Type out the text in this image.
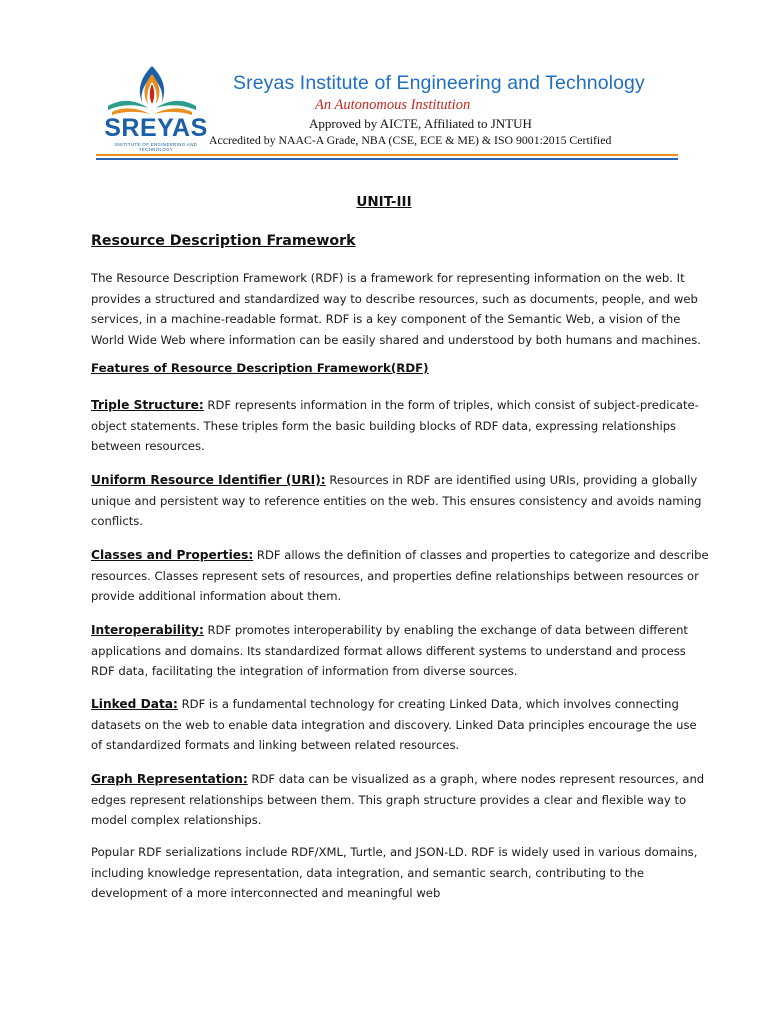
SREYAS
INSTITUTE OF ENGINEERING AND TECHNOLOGY
Sreyas Institute of Engineering and Technology
An Autonomous Institution
Approved by AICTE, Affiliated to JNTUH
Accredited by NAAC-A Grade, NBA (CSE, ECE & ME) & ISO 9001:2015 Certified
UNIT-III
Resource Description Framework
The Resource Description Framework (RDF) is a framework for representing information on the web. It
provides a structured and standardized way to describe resources, such as documents, people, and web
services, in a machine-readable format. RDF is a key component of the Semantic Web, a vision of the
World Wide Web where information can be easily shared and understood by both humans and machines.
Features of Resource Description Framework(RDF)
Triple Structure: RDF represents information in the form of triples, which consist of subject-predicate-
object statements. These triples form the basic building blocks of RDF data, expressing relationships
between resources.
Uniform Resource Identifier (URI): Resources in RDF are identified using URIs, providing a globally
unique and persistent way to reference entities on the web. This ensures consistency and avoids naming
conflicts.
Classes and Properties: RDF allows the definition of classes and properties to categorize and describe
resources. Classes represent sets of resources, and properties define relationships between resources or
provide additional information about them.
Interoperability: RDF promotes interoperability by enabling the exchange of data between different
applications and domains. Its standardized format allows different systems to understand and process
RDF data, facilitating the integration of information from diverse sources.
Linked Data: RDF is a fundamental technology for creating Linked Data, which involves connecting
datasets on the web to enable data integration and discovery. Linked Data principles encourage the use
of standardized formats and linking between related resources.
Graph Representation: RDF data can be visualized as a graph, where nodes represent resources, and
edges represent relationships between them. This graph structure provides a clear and flexible way to
model complex relationships.
Popular RDF serializations include RDF/XML, Turtle, and JSON-LD. RDF is widely used in various domains,
including knowledge representation, data integration, and semantic search, contributing to the
development of a more interconnected and meaningful web
